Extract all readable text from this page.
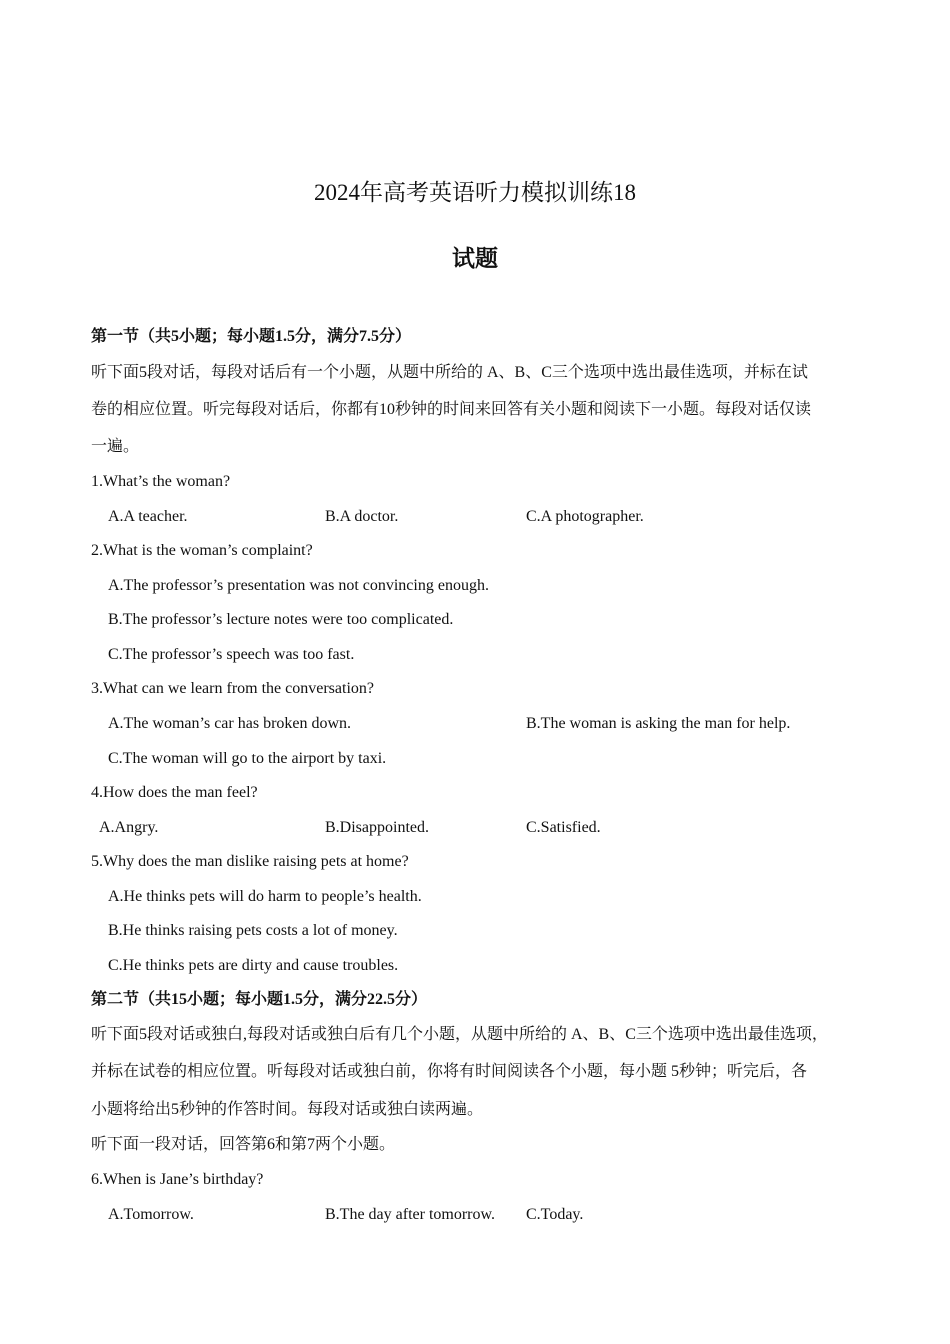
2024年高考英语听力模拟训练18
试题
第一节（共5小题；每小题1.5分，满分7.5分）
听下面5段对话，每段对话后有一个小题，从题中所给的 A、B、C三个选项中选出最佳选项，并标在试
卷的相应位置。听完每段对话后，你都有10秒钟的时间来回答有关小题和阅读下一小题。每段对话仅读
一遍。
1.What’s the woman?
A.A teacher.	B.A doctor.	C.A photographer.
2.What is the woman’s complaint?
A.The professor’s presentation was not convincing enough.
B.The professor’s lecture notes were too complicated.
C.The professor’s speech was too fast.
3.What can we learn from the conversation?
A.The woman’s car has broken down.	B.The woman is asking the man for help.
C.The woman will go to the airport by taxi.
4.How does the man feel?
A.Angry.	B.Disappointed.	C.Satisfied.
5.Why does the man dislike raising pets at home?
A.He thinks pets will do harm to people’s health.
B.He thinks raising pets costs a lot of money.
C.He thinks pets are dirty and cause troubles.
第二节（共15小题；每小题1.5分，满分22.5分）
听下面5段对话或独白,每段对话或独白后有几个小题，从题中所给的 A、B、C三个选项中选出最佳选项，
并标在试卷的相应位置。听每段对话或独白前，你将有时间阅读各个小题，每小题 5秒钟；听完后，各
小题将给出5秒钟的作答时间。每段对话或独白读两遍。
听下面一段对话，回答第6和第7两个小题。
6.When is Jane’s birthday?
A.Tomorrow.	B.The day after tomorrow. C.Today.
